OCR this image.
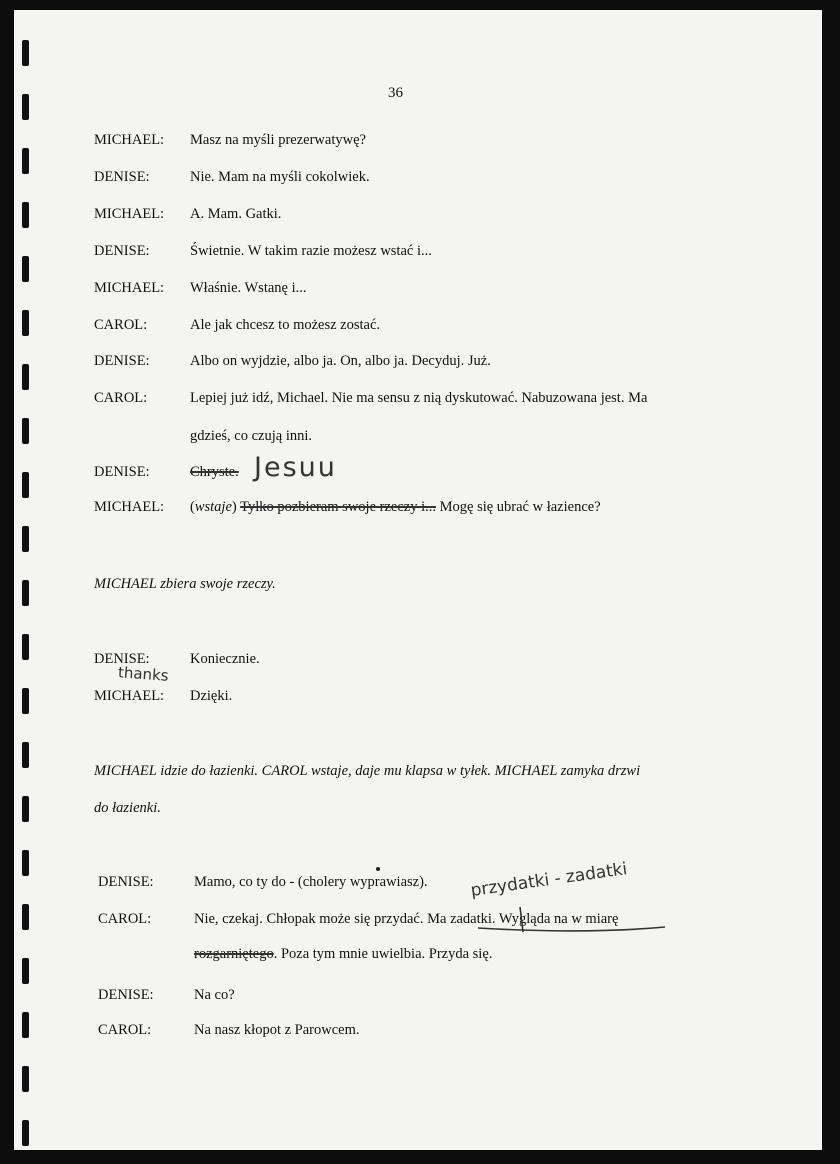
36
MICHAEL: Masz na myśli prezerwatywę?
DENISE:	Nie. Mam na myśli cokolwiek.
MICHAEL: A. Mam. Gatki.
DENISE:	Świetnie. W takim razie możesz wstać i...
MICHAEL: Właśnie. Wstanę i...
CAROL:	Ale jak chcesz to możesz zostać.
DENISE:	Albo on wyjdzie, albo ja. On, albo ja. Decyduj. Już.
CAROL:	Lepiej już idź, Michael. Nie ma sensu z nią dyskutować. Nabuzowana jest. Ma
gdzieś, co czują inni.
DENISE:	Chryste. Jesuu
MICHAEL: (wstaje) Tylko pozbieram swoje rzeczy i... Mogę się ubrać w łazience?
MICHAEL zbiera swoje rzeczy.
DENISE:	Koniecznie.
thanks
MICHAEL: Dzięki.
MICHAEL idzie do łazienki. CAROL wstaje, daje mu klapsa w tyłek. MICHAEL zamyka drzwi
do łazienki.
DENISE:	Mamo, co ty do - (cholery wyprawiasz). przydatki - zadatki
CAROL:	Nie, czekaj. Chłopak może się przydać. Ma zadatki. Wygląda na w miarę
rozgarniętego. Poza tym mnie uwielbia. Przyda się.
DENISE:	Na co?
CAROL:	Na nasz kłopot z Parowcem.
